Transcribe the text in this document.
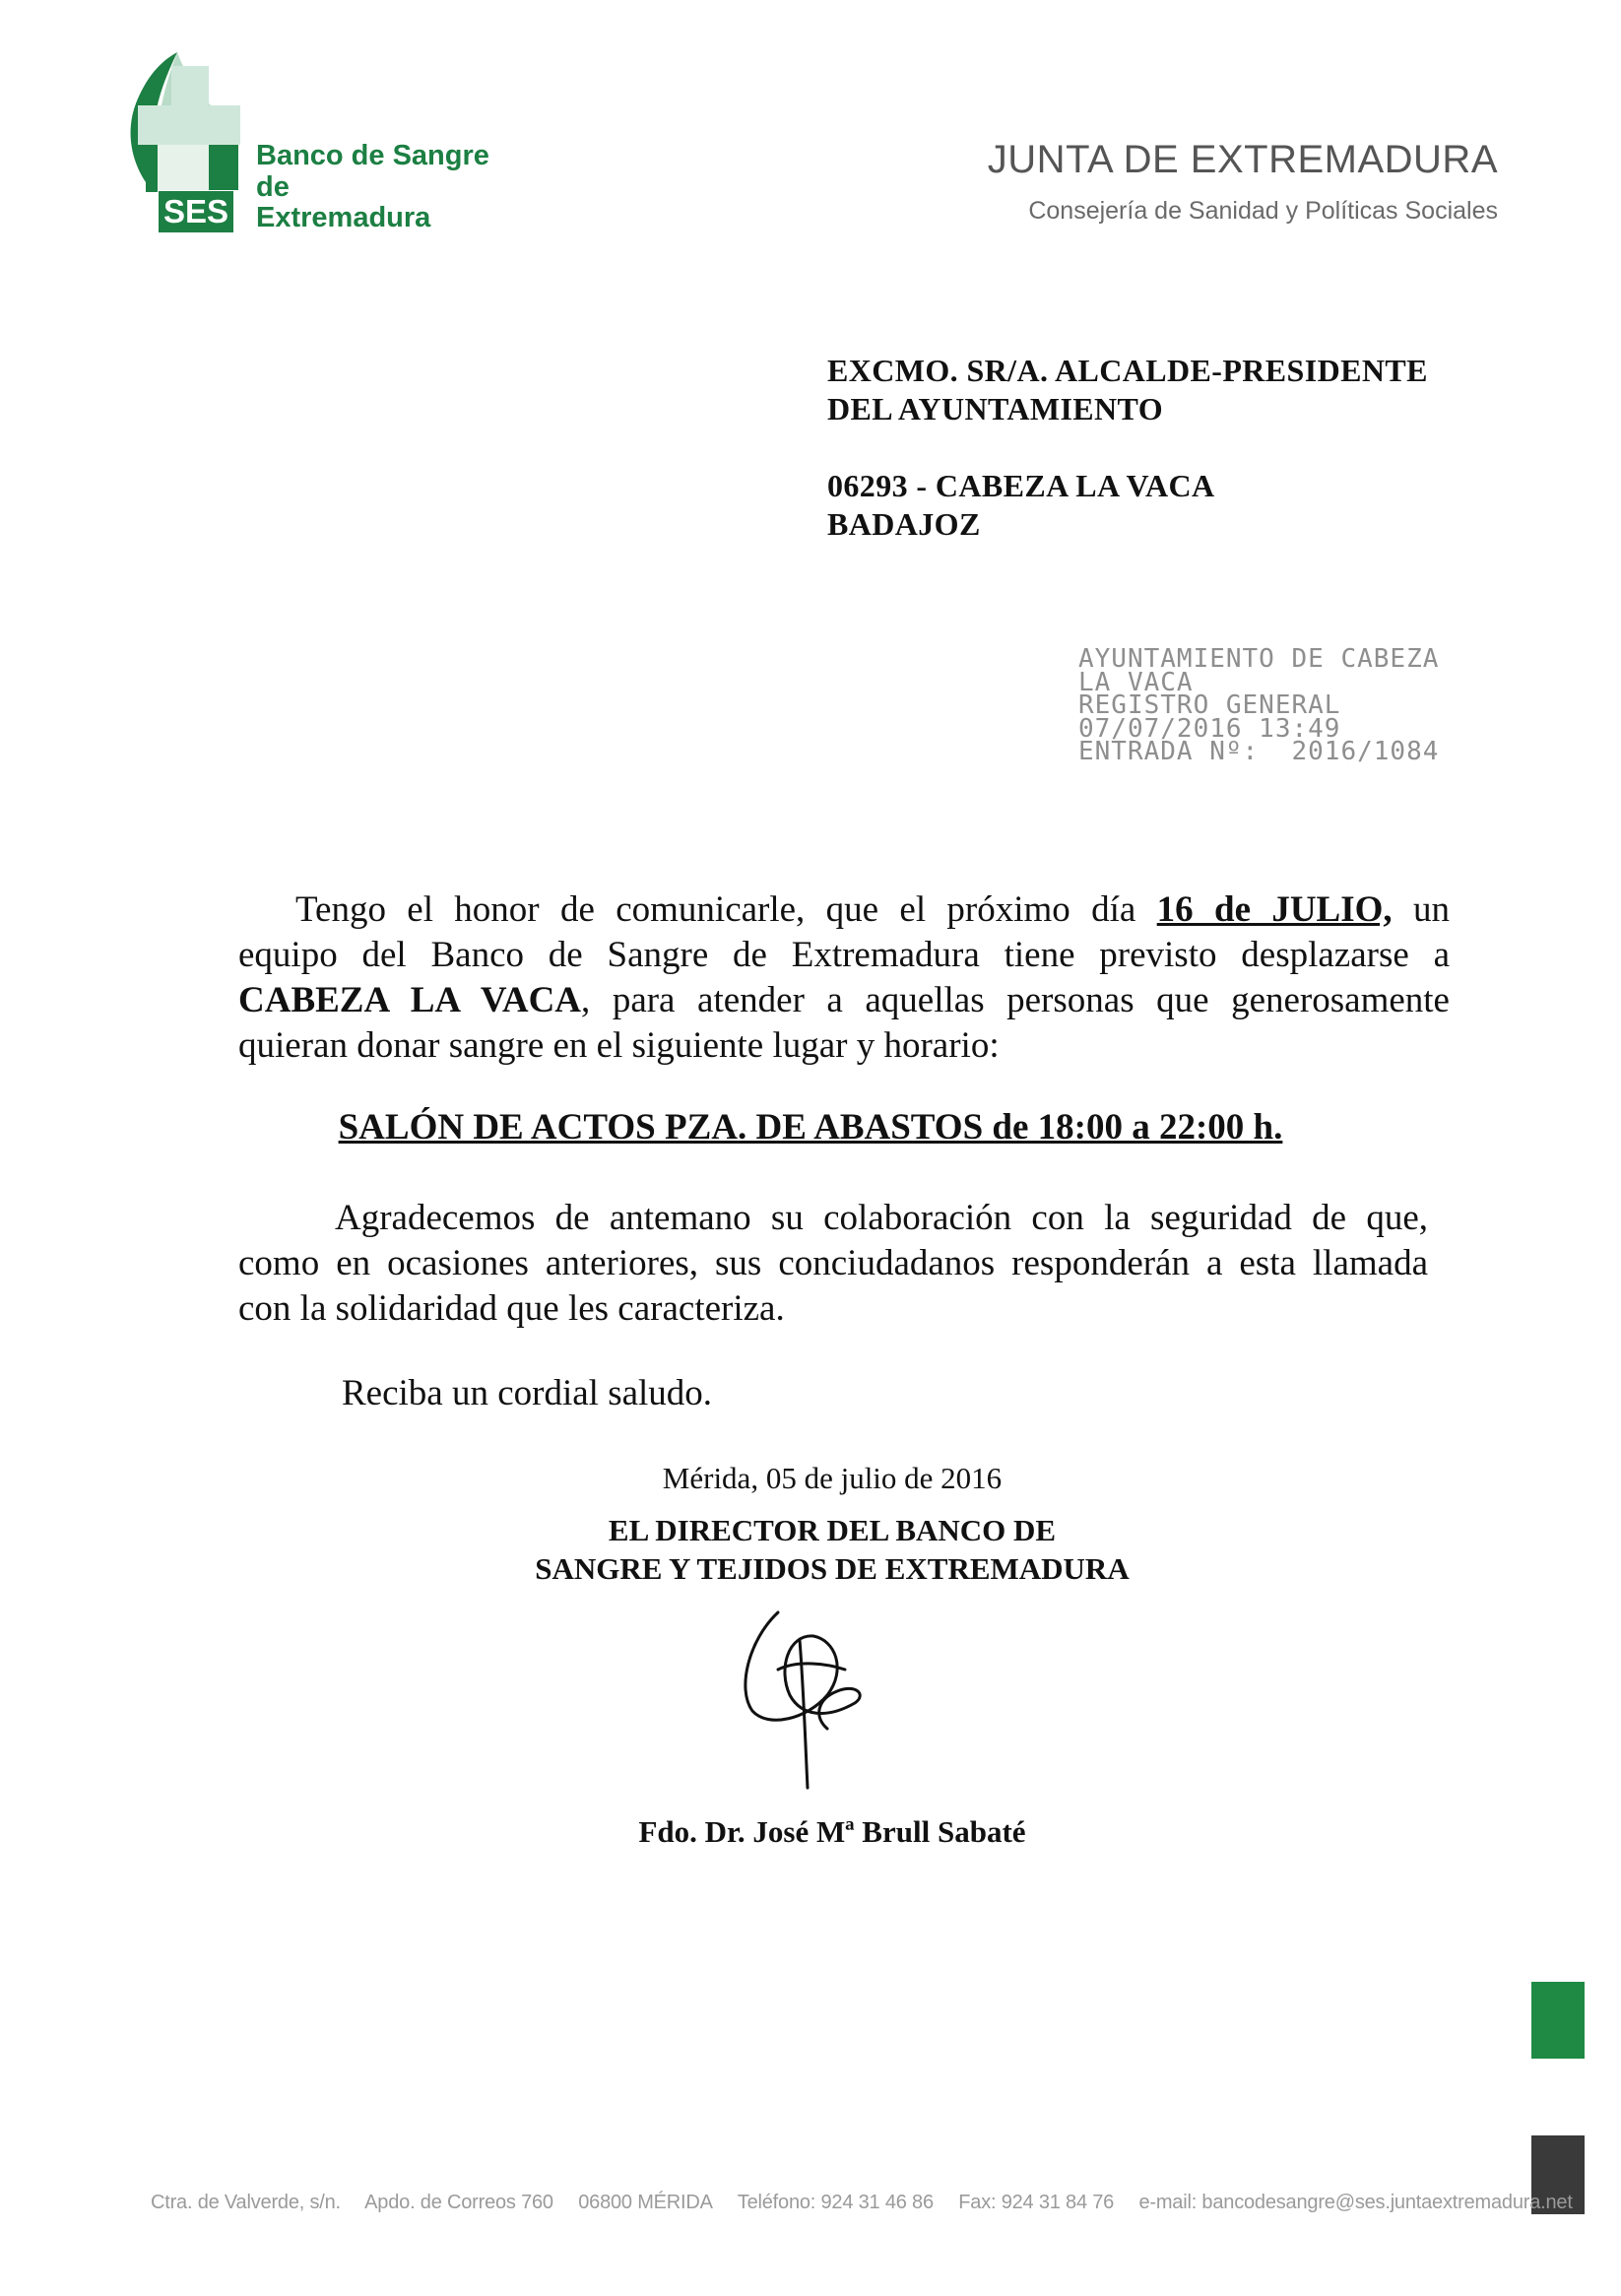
SES
Banco de Sangre
de
Extremadura
JUNTA DE EXTREMADURA
Consejería de Sanidad y Políticas Sociales
EXCMO. SR/A. ALCALDE-PRESIDENTE
DEL AYUNTAMIENTO
06293 - CABEZA LA VACA
BADAJOZ
AYUNTAMIENTO DE CABEZA
LA VACA
REGISTRO GENERAL
07/07/2016 13:49
ENTRADA Nº:  2016/1084
Tengo el honor de comunicarle, que el próximo día 16 de JULIO, un
equipo del Banco de Sangre de Extremadura tiene previsto desplazarse a
CABEZA LA VACA, para atender a aquellas personas que generosamente
quieran donar sangre en el siguiente lugar y horario:
SALÓN DE ACTOS PZA. DE ABASTOS de 18:00 a 22:00 h.
Agradecemos de antemano su colaboración con la seguridad de que,
como en ocasiones anteriores, sus conciudadanos responderán a esta llamada
con la solidaridad que les caracteriza.
Reciba un cordial saludo.
Mérida, 05 de julio de 2016
EL DIRECTOR DEL BANCO DE
SANGRE Y TEJIDOS DE EXTREMADURA
Fdo. Dr. José Mª Brull Sabaté
Ctra. de Valverde, s/n. Apdo. de Correos 760 06800 MÉRIDA Teléfono: 924 31 46 86 Fax: 924 31 84 76 e-mail: bancodesangre@ses.juntaextremadura.net
